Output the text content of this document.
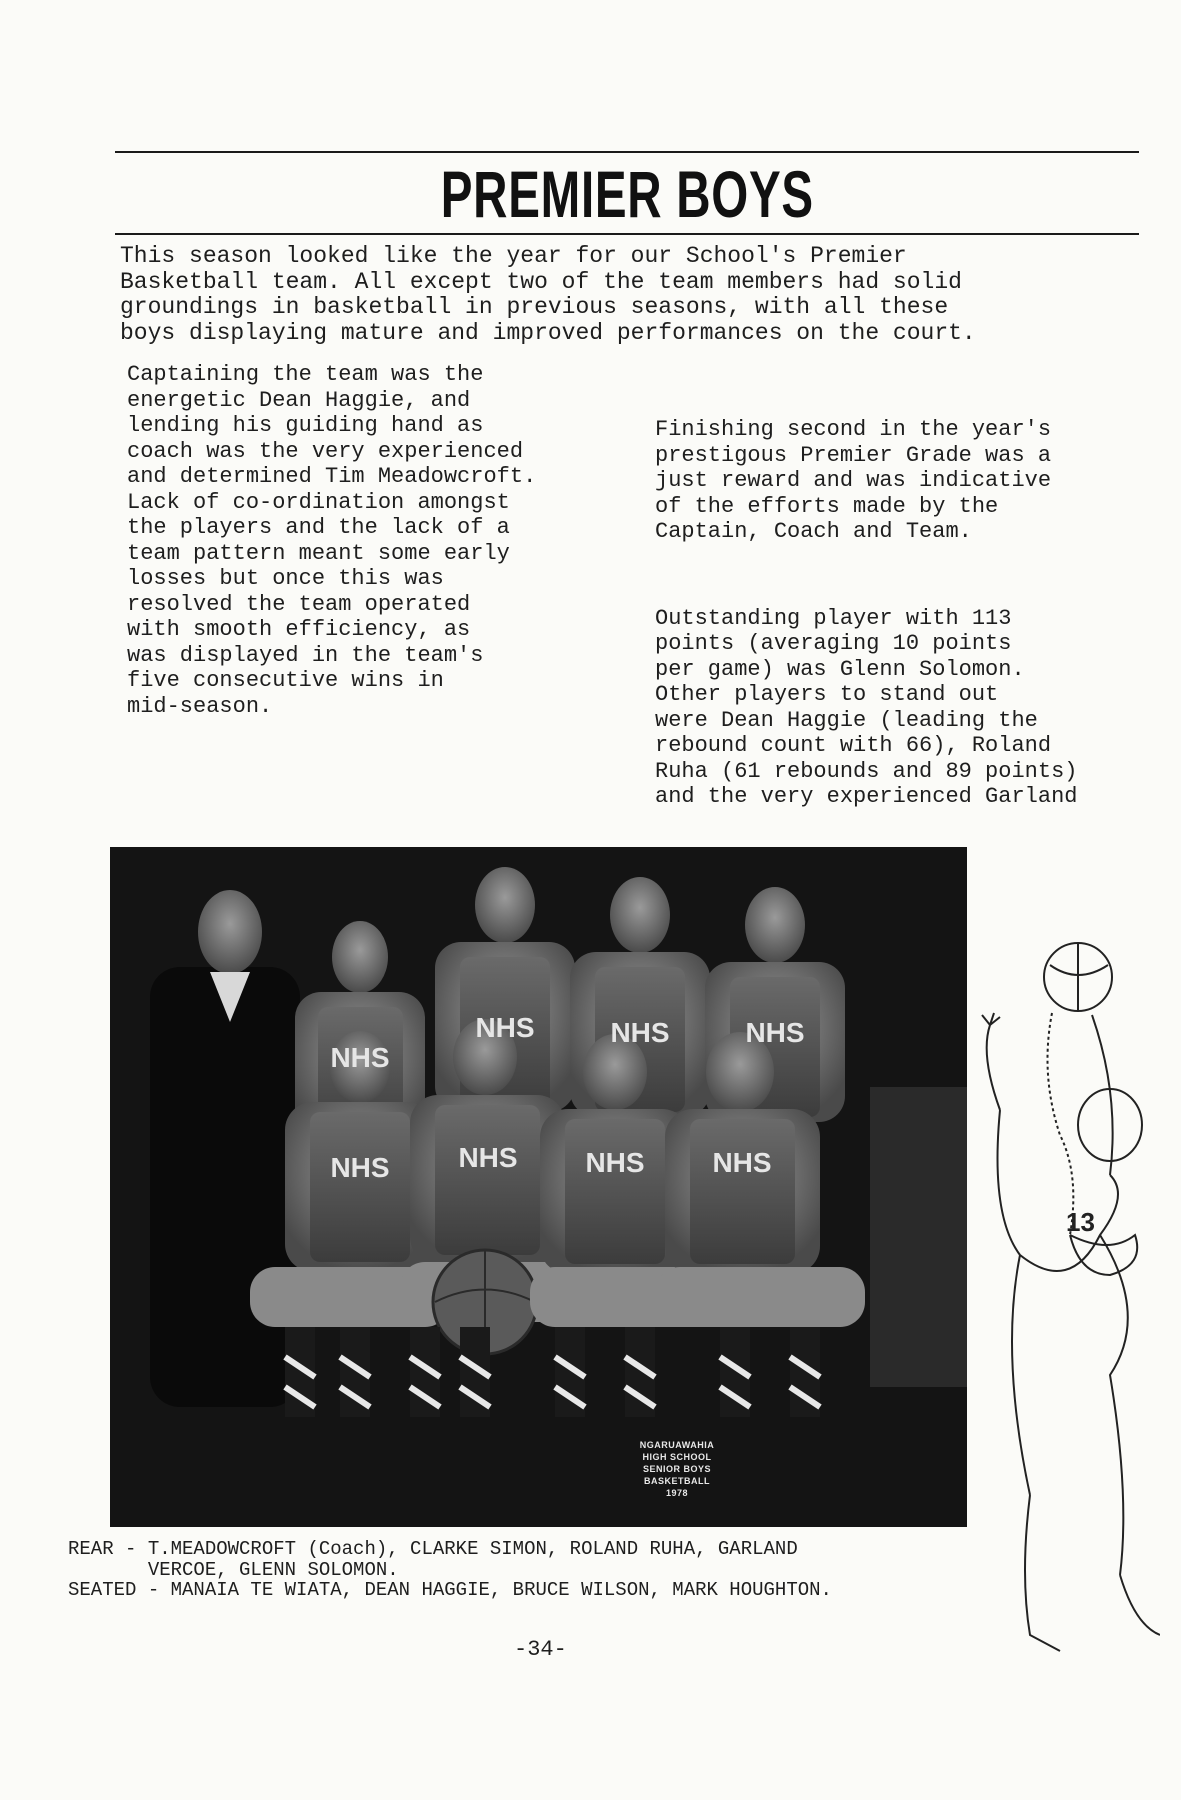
PREMIER BOYS
This season looked like the year for our School's Premier
Basketball team. All except two of the team members had solid
groundings in basketball in previous seasons, with all these
boys displaying mature and improved performances on the court.
Captaining the team was the
energetic Dean Haggie, and
lending his guiding hand as
coach was the very experienced
and determined Tim Meadowcroft.
Lack of co-ordination amongst
the players and the lack of a
team pattern meant some early
losses but once this was
resolved the team operated
with smooth efficiency, as
was displayed in the team's
five consecutive wins in
mid-season.

Finishing second in the year's
prestigous Premier Grade was a
just reward and was indicative
of the efforts made by the
Captain, Coach and Team.

Outstanding player with 113
points (averaging 10 points
per game) was Glenn Solomon.
Other players to stand out
were Dean Haggie (leading the
rebound count with 66), Roland
Ruha (61 rebounds and 89 points)
and the very experienced Garland

NHS
NHS	NHS	NHS
NHS NHS NHS NHS
NGARUAWAHIA
HIGH SCHOOL
SENIOR BOYS
BASKETBALL
1978
REAR - T.MEADOWCROFT (Coach), CLARKE SIMON, ROLAND RUHA, GARLAND
VERCOE, GLENN SOLOMON.
SEATED - MANAIA TE WIATA, DEAN HAGGIE, BRUCE WILSON, MARK HOUGHTON.
13
-34-
